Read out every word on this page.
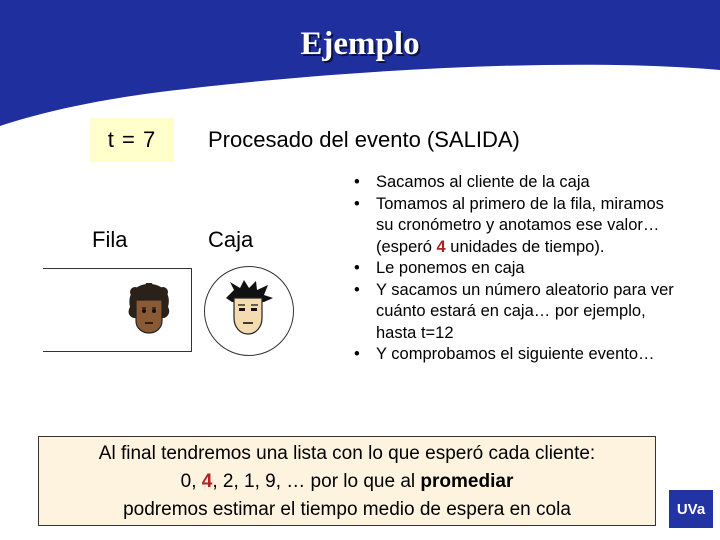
Ejemplo
t = 7	Procesado del evento (SALIDA)
Fila	Caja
• Sacamos al cliente de la caja
• Tomamos al primero de la fila, miramos su cronómetro y anotamos ese valor… (esperó 4 unidades de tiempo).
• Le ponemos en caja
• Y sacamos un número aleatorio para ver cuánto estará en caja… por ejemplo, hasta t=12
• Y comprobamos el siguiente evento…
Al final tendremos una lista con lo que esperó cada cliente:
0, 4, 2, 1, 9, … por lo que al promediar
podremos estimar el tiempo medio de espera en cola	UVa
